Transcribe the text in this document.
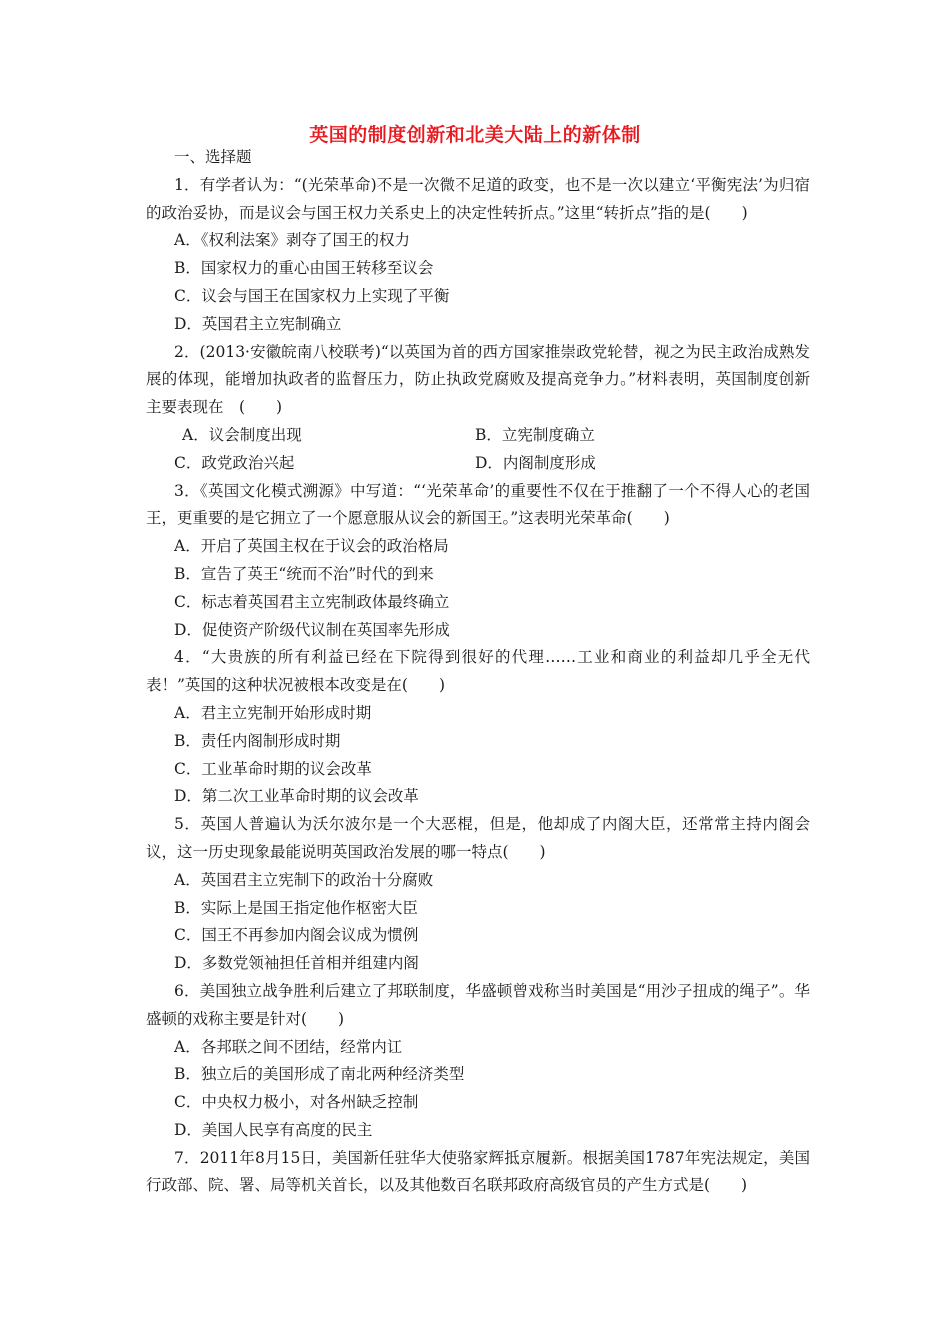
英国的制度创新和北美大陆上的新体制
一、选择题
1．有学者认为：“(光荣革命)不是一次微不足道的政变，也不是一次以建立‘平衡宪法’为归宿的政治妥协，而是议会与国王权力关系史上的决定性转折点。”这里“转折点”指的是(　　)
A．《权利法案》剥夺了国王的权力
B．国家权力的重心由国王转移至议会
C．议会与国王在国家权力上实现了平衡
D．英国君主立宪制确立
2．(2013·安徽皖南八校联考)“以英国为首的西方国家推崇政党轮替，视之为民主政治成熟发展的体现，能增加执政者的监督压力，防止执政党腐败及提高竞争力。”材料表明，英国制度创新主要表现在　(　　)
A．议会制度出现	B．立宪制度确立
C．政党政治兴起	D．内阁制度形成
3．《英国文化模式溯源》中写道：“‘光荣革命’的重要性不仅在于推翻了一个不得人心的老国王，更重要的是它拥立了一个愿意服从议会的新国王。”这表明光荣革命(　　)
A．开启了英国主权在于议会的政治格局
B．宣告了英王“统而不治”时代的到来
C．标志着英国君主立宪制政体最终确立
D．促使资产阶级代议制在英国率先形成
4．“大贵族的所有利益已经在下院得到很好的代理……工业和商业的利益却几乎全无代表！”英国的这种状况被根本改变是在(　　)
A．君主立宪制开始形成时期
B．责任内阁制形成时期
C．工业革命时期的议会改革
D．第二次工业革命时期的议会改革
5．英国人普遍认为沃尔波尔是一个大恶棍，但是，他却成了内阁大臣，还常常主持内阁会议，这一历史现象最能说明英国政治发展的哪一特点(　　)
A．英国君主立宪制下的政治十分腐败
B．实际上是国王指定他作枢密大臣
C．国王不再参加内阁会议成为惯例
D．多数党领袖担任首相并组建内阁
6．美国独立战争胜利后建立了邦联制度，华盛顿曾戏称当时美国是“用沙子扭成的绳子”。华盛顿的戏称主要是针对(　　)
A．各邦联之间不团结，经常内讧
B．独立后的美国形成了南北两种经济类型
C．中央权力极小，对各州缺乏控制
D．美国人民享有高度的民主
7．2011年8月15日，美国新任驻华大使骆家辉抵京履新。根据美国1787年宪法规定，美国行政部、院、署、局等机关首长，以及其他数百名联邦政府高级官员的产生方式是(　　)
